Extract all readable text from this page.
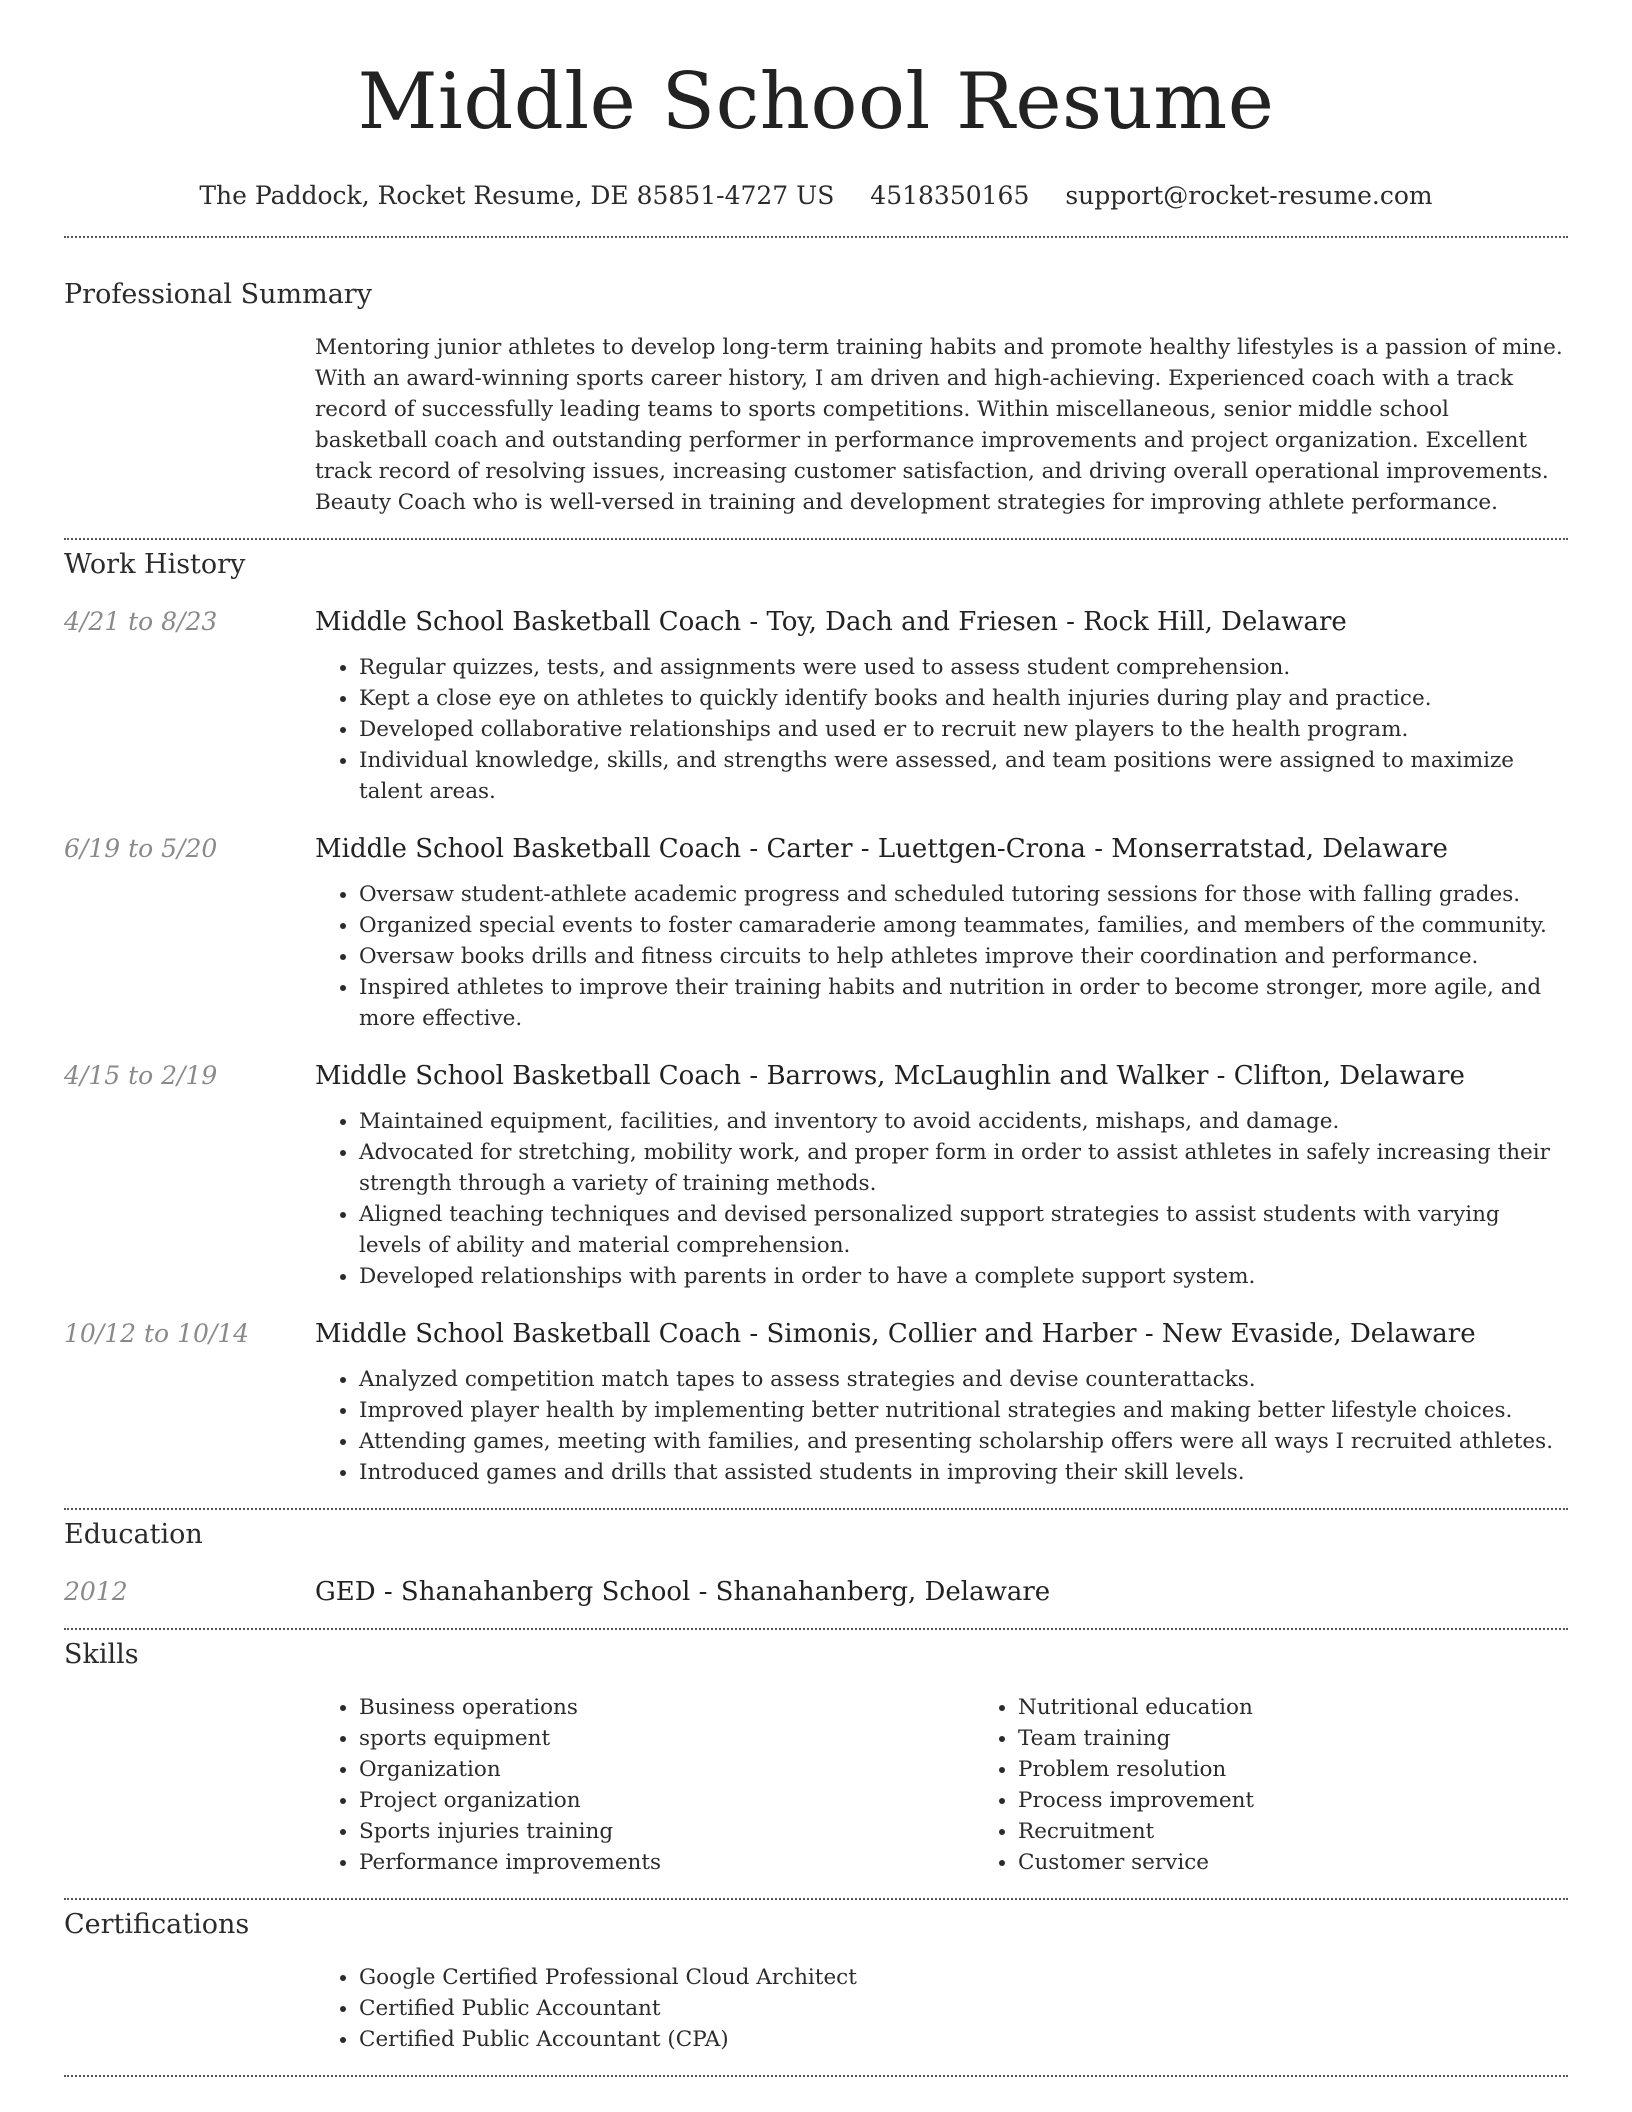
Middle School Resume
The Paddock, Rocket Resume, DE 85851-4727 US 4518350165 support@rocket-resume.com
Professional Summary

Mentoring junior athletes to develop long-term training habits and promote healthy lifestyles is a passion of mine. With an award-winning sports career history, I am driven and high-achieving. Experienced coach with a track record of successfully leading teams to sports competitions. Within miscellaneous, senior middle school basketball coach and outstanding performer in performance improvements and project organization. Excellent track record of resolving issues, increasing customer satisfaction, and driving overall operational improvements. Beauty Coach who is well-versed in training and development strategies for improving athlete performance.

Work History
4/21 to 8/23	Middle School Basketball Coach - Toy, Dach and Friesen - Rock Hill, Delaware
• Regular quizzes, tests, and assignments were used to assess student comprehension.
• Kept a close eye on athletes to quickly identify books and health injuries during play and practice.
• Developed collaborative relationships and used er to recruit new players to the health program.
• Individual knowledge, skills, and strengths were assessed, and team positions were assigned to maximize talent areas.
6/19 to 5/20	Middle School Basketball Coach - Carter - Luettgen-Crona - Monserratstad, Delaware
• Oversaw student-athlete academic progress and scheduled tutoring sessions for those with falling grades.
• Organized special events to foster camaraderie among teammates, families, and members of the community.
• Oversaw books drills and fitness circuits to help athletes improve their coordination and performance.
• Inspired athletes to improve their training habits and nutrition in order to become stronger, more agile, and more effective.
4/15 to 2/19	Middle School Basketball Coach - Barrows, McLaughlin and Walker - Clifton, Delaware
• Maintained equipment, facilities, and inventory to avoid accidents, mishaps, and damage.
• Advocated for stretching, mobility work, and proper form in order to assist athletes in safely increasing their strength through a variety of training methods.
• Aligned teaching techniques and devised personalized support strategies to assist students with varying levels of ability and material comprehension.
• Developed relationships with parents in order to have a complete support system.
10/12 to 10/14	Middle School Basketball Coach - Simonis, Collier and Harber - New Evaside, Delaware
• Analyzed competition match tapes to assess strategies and devise counterattacks.
• Improved player health by implementing better nutritional strategies and making better lifestyle choices.
• Attending games, meeting with families, and presenting scholarship offers were all ways I recruited athletes.
• Introduced games and drills that assisted students in improving their skill levels.
Education
2012	GED - Shanahanberg School - Shanahanberg, Delaware
Skills
• Business operations
• sports equipment
• Organization
• Project organization
• Sports injuries training
• Performance improvements
• Nutritional education
• Team training
• Problem resolution
• Process improvement
• Recruitment
• Customer service
Certifications
• Google Certified Professional Cloud Architect
• Certified Public Accountant
• Certified Public Accountant (CPA)
